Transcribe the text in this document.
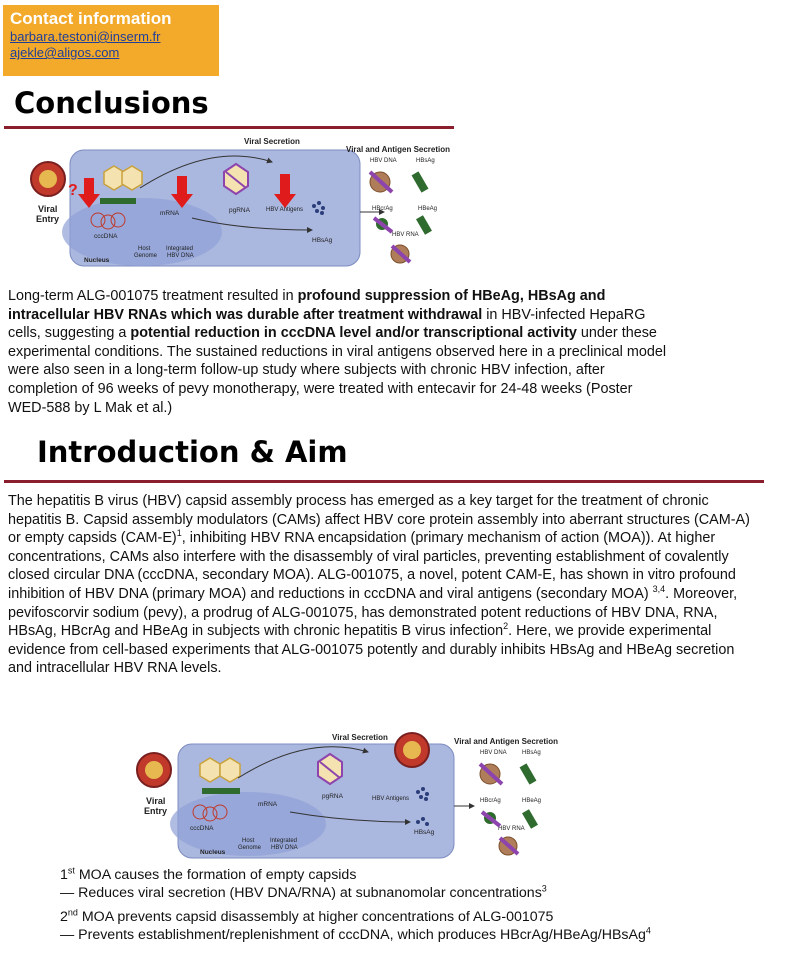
Contact information
barbara.testoni@inserm.fr
ajekle@aligos.com
Conclusions
Viral
Entry
?
cccDNA
mRNA	pgRNA	HBV Antigens
Host
Genome
Integrated
HBV DNA
HBsAg
Nucleus
Viral Secretion
Viral and Antigen Secretion
HBV DNA	HBsAg
HBcrAg	HBeAg
HBV RNA

Long-term ALG-001075 treatment resulted in profound suppression of HBeAg, HBsAg and intracellular HBV RNAs which was durable after treatment withdrawal in HBV-infected HepaRG cells, suggesting a potential reduction in cccDNA level and/or transcriptional activity under these experimental conditions. The sustained reductions in viral antigens observed here in a preclinical model were also seen in a long-term follow-up study where subjects with chronic HBV infection, after completion of 96 weeks of pevy monotherapy, were treated with entecavir for 24-48 weeks (Poster WED-588 by L Mak et al.)

Introduction & Aim

The hepatitis B virus (HBV) capsid assembly process has emerged as a key target for the treatment of chronic hepatitis B. Capsid assembly modulators (CAMs) affect HBV core protein assembly into aberrant structures (CAM-A) or empty capsids $(CAM-E)^1$, inhibiting HBV RNA encapsidation (primary mechanism of action (MOA)). At higher concentrations, CAMs also interfere with the disassembly of viral particles, preventing establishment of covalently closed circular DNA (cccDNA, secondary MOA). ALG-001075, a novel, potent CAM-E, has shown in vitro profound inhibition of HBV DNA (primary MOA) and reductions in cccDNA and viral antigens (secondary MOA) $^{3,4}$. Moreover, pevifoscorvir sodium (pevy), a prodrug of ALG-001075, has demonstrated potent reductions of HBV DNA, RNA, HBsAg, HBcrAg and HBeAg in subjects with chronic hepatitis B virus infection$^2$. Here, we provide experimental evidence from cell-based experiments that ALG-001075 potently and durably inhibits HBsAg and HBeAg secretion and intracellular HBV RNA levels.

Viral
Entry
cccDNA
mRNA
pgRNA	HBV Antigens
Host
Genome
Integrated
HBV DNA
HBsAg
Nucleus
Viral Secretion	Viral and Antigen Secretion
HBV DNA	HBsAg
HBcrAg	HBeAg
HBV RNA
1st MOA causes the formation of empty capsids
— Reduces viral secretion (HBV DNA/RNA) at subnanomolar concentrations$^3$
2nd MOA prevents capsid disassembly at higher concentrations of ALG-001075
— Prevents establishment/replenishment of cccDNA, which produces HBcrAg/HBeAg/HBsAg$^4$
